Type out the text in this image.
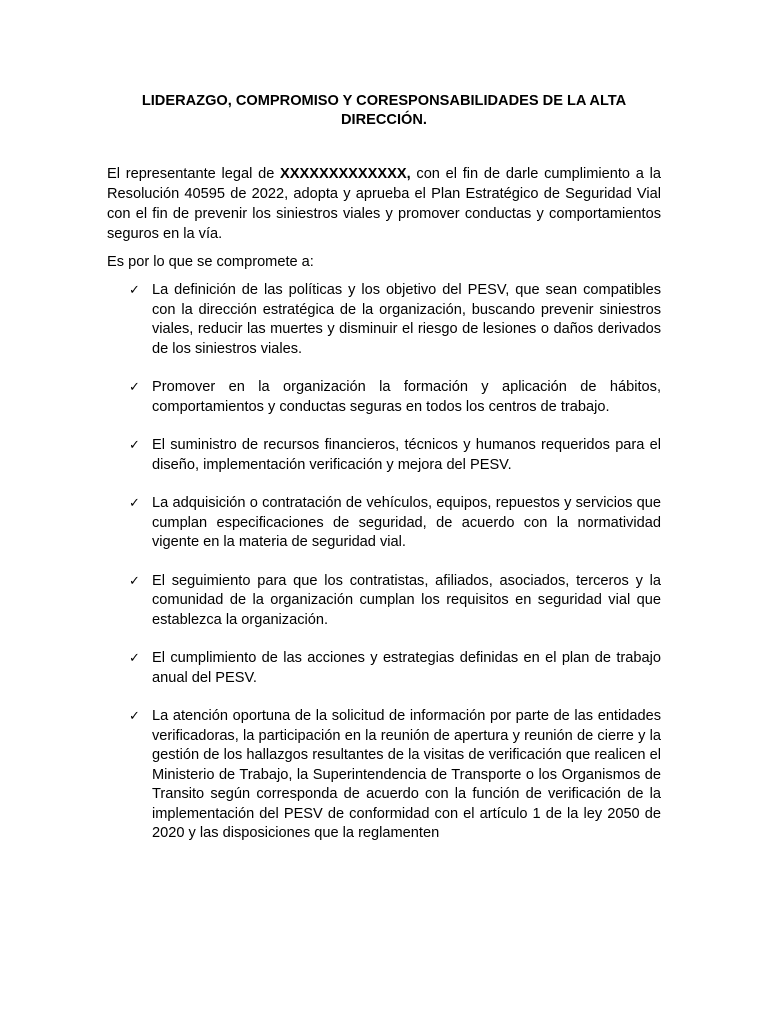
LIDERAZGO, COMPROMISO Y CORESPONSABILIDADES DE LA ALTA DIRECCIÓN.

El representante legal de XXXXXXXXXXXXX, con el fin de darle cumplimiento a la Resolución 40595 de 2022, adopta y aprueba el Plan Estratégico de Seguridad Vial con el fin de prevenir los siniestros viales y promover conductas y comportamientos seguros en la vía.

Es por lo que se compromete a:

✓ La definición de las políticas y los objetivo del PESV, que sean compatibles con la dirección estratégica de la organización, buscando prevenir siniestros viales, reducir las muertes y disminuir el riesgo de lesiones o daños derivados de los siniestros viales.
✓ Promover en la organización la formación y aplicación de hábitos, comportamientos y conductas seguras en todos los centros de trabajo.
✓ El suministro de recursos financieros, técnicos y humanos requeridos para el diseño, implementación verificación y mejora del PESV.
✓ La adquisición o contratación de vehículos, equipos, repuestos y servicios que cumplan especificaciones de seguridad, de acuerdo con la normatividad vigente en la materia de seguridad vial.
✓ El seguimiento para que los contratistas, afiliados, asociados, terceros y la comunidad de la organización cumplan los requisitos en seguridad vial que establezca la organización.
✓ El cumplimiento de las acciones y estrategias definidas en el plan de trabajo anual del PESV.
✓ La atención oportuna de la solicitud de información por parte de las entidades verificadoras, la participación en la reunión de apertura y reunión de cierre y la gestión de los hallazgos resultantes de la visitas de verificación que realicen el Ministerio de Trabajo, la Superintendencia de Transporte o los Organismos de Transito según corresponda de acuerdo con la función de verificación de la implementación del PESV de conformidad con el artículo 1 de la ley 2050 de 2020 y las disposiciones que la reglamenten
